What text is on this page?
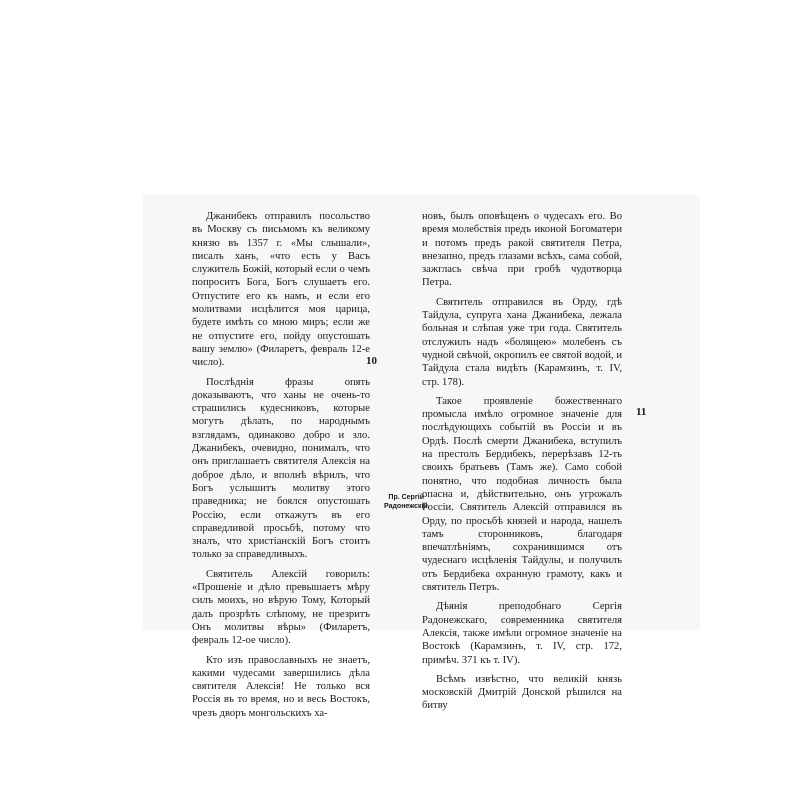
Джанибекъ отправилъ посольство въ Москву съ письмомъ къ великому князю въ 1357 г. «Мы слышали», писалъ ханъ, «что есть у Васъ служитель Божій, который если о чемъ попроситъ Бога, Богъ слушаетъ его. Отпустите его къ намъ, и если его молитвами исцѣлится моя царица, будете имѣть со мною миръ; если же не отпустите его, пойду опустошать вашу землю» (Филаретъ, февраль 12-е число).

Послѣднія фразы опять доказываютъ, что ханы не очень-то страшились кудесниковъ, которые могутъ дѣлать, по народнымъ взглядамъ, одинаково добро и зло. Джанибекъ, очевидно, понималъ, что онъ приглашаетъ святителя Алексія на доброе дѣло, и вполнѣ вѣрилъ, что Богъ услышитъ молитву этого праведника; не боялся опустошать Россію, если откажутъ въ его справедливой просьбѣ, потому что зналъ, что христіанскій Богъ стоитъ только за справедливыхъ.

Святитель Алексій говорилъ: «Прошеніе и дѣло превышаетъ мѣру силъ моихъ, но вѣрую Тому, Который далъ прозрѣть слѣпому, не презритъ Онъ молитвы вѣры» (Филаретъ, февраль 12-ое число).

Кто изъ православныхъ не знаетъ, какими чудесами завершились дѣла святителя Алексія! Не только вся Россія въ то время, но и весь Востокъ, чрезъ дворъ монгольскихъ ха-

10

новъ, былъ оповѣщенъ о чудесахъ его. Во время молебствія предъ иконой Богоматери и потомъ предъ ракой святителя Петра, внезапно, предъ глазами всѣхъ, сама собой, зажглась свѣча при гробѣ чудотворца Петра.

Святитель отправился въ Орду, гдѣ Тайдула, супруга хана Джанибека, лежала больная и слѣпая уже три года. Святитель отслужилъ надъ «болящею» молебенъ съ чудной свѣчой, окропилъ ее святой водой, и Тайдула стала видѣть (Карамзинъ, т. IV, стр. 178).

Такое проявленіе божественнаго промысла имѣло огромное значеніе для послѣдующихъ событій въ Россіи и въ Ордѣ. Послѣ смерти Джанибека, вступилъ на престолъ Бердибекъ, перерѣзавъ 12-ть своихъ братьевъ (Тамъ же). Само собой понятно, что подобная личность была опасна и, дѣйствительно, онъ угрожалъ Россіи. Святитель Алексій отправился въ Орду, по просьбѣ князей и народа, нашелъ тамъ сторонниковъ, благодаря впечатлѣніямъ, сохранившимся отъ чудеснаго исцѣленія Тайдулы, и получилъ отъ Бердибека охранную грамоту, какъ и святитель Петръ.

Дѣянія преподобнаго Сергія Радонежскаго, современника святителя Алексія, также имѣли огромное значеніе на Востокѣ (Карамзинъ, т. IV, стр. 172, примѣч. 371 къ т. IV).

Всѣмъ извѣстно, что великій князь московскій Дмитрій Донской рѣшился на битву

11
Пр. Сергій Радонежскій.
